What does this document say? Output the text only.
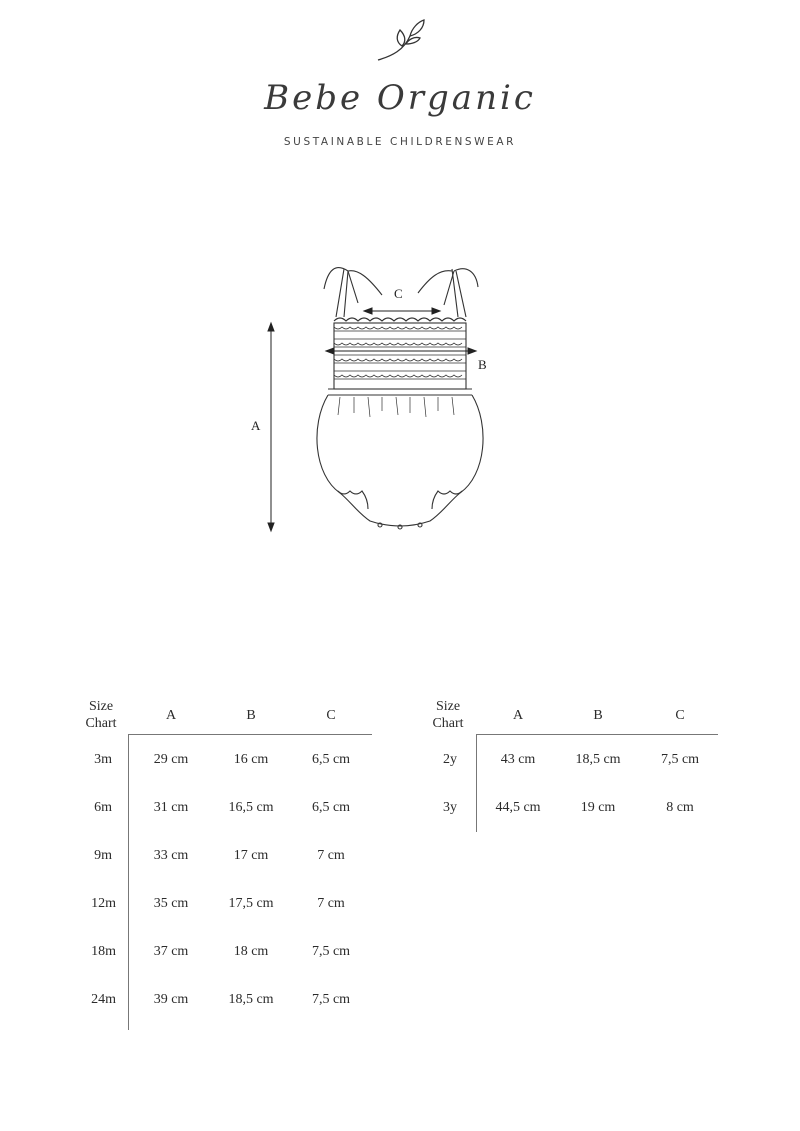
Bebe Organic
SUSTAINABLE CHILDRENSWEAR
A
B
C
Size
Chart
A	B	C
3m	29 cm	16 cm	6,5 cm
6m	31 cm	16,5 cm	6,5 cm
9m	33 cm	17 cm	7 cm
12m	35 cm	17,5 cm	7 cm
18m	37 cm	18 cm	7,5 cm
24m	39 cm	18,5 cm	7,5 cm
Size
Chart
A	B	C
2y	43 cm	18,5 cm	7,5 cm
3y	44,5 cm	19 cm	8 cm
